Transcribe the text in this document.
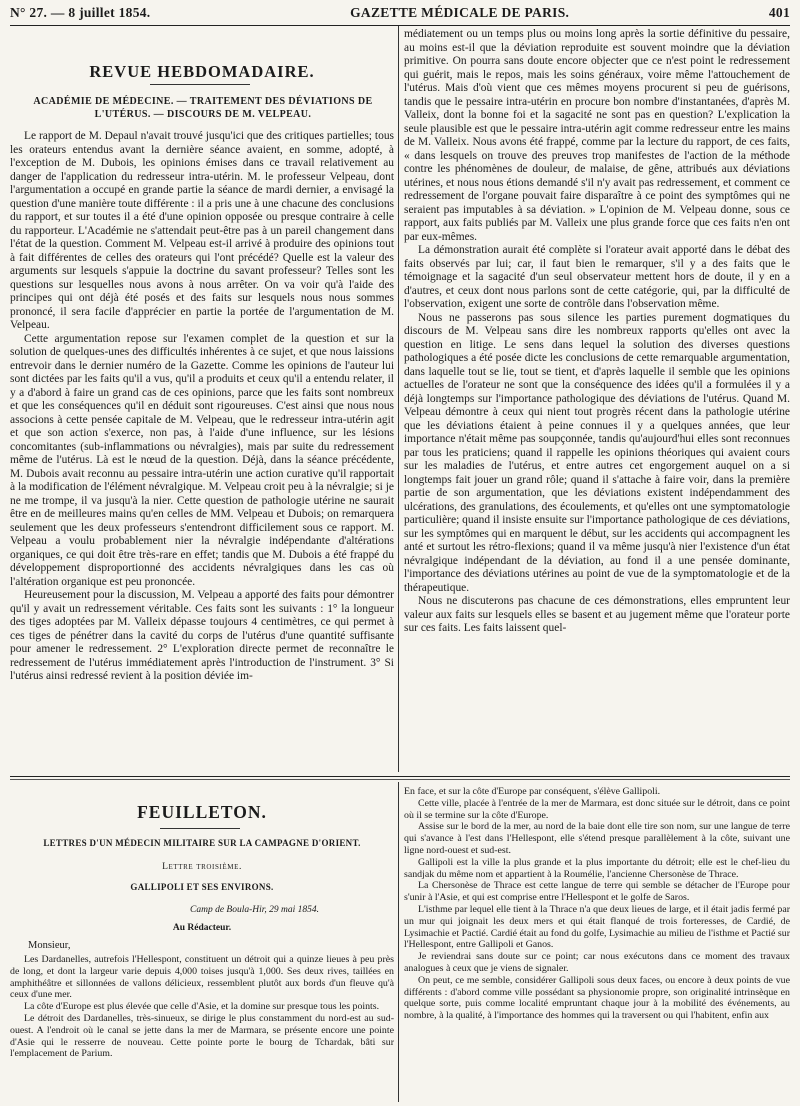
N° 27. — 8 juillet 1854.	GAZETTE MÉDICALE DE PARIS.	401
REVUE HEBDOMADAIRE.
ACADÉMIE DE MÉDECINE. — TRAITEMENT DES DÉVIATIONS DE L'UTÉRUS. — DISCOURS DE M. VELPEAU.

Le rapport de M. Depaul n'avait trouvé jusqu'ici que des critiques partielles; tous les orateurs entendus avant la dernière séance avaient, en somme, adopté, à l'exception de M. Dubois, les opinions émises dans ce travail relativement au danger de l'application du redresseur intra-utérin. M. le professeur Velpeau, dont l'argumentation a occupé en grande partie la séance de mardi dernier, a envisagé la question d'une manière toute différente : il a pris une à une chacune des conclusions du rapport, et sur toutes il a été d'une opinion opposée ou presque contraire à celle du rapporteur. L'Académie ne s'attendait peut-être pas à un pareil changement dans l'état de la question. Comment M. Velpeau est-il arrivé à produire des opinions tout à fait différentes de celles des orateurs qui l'ont précédé? Quelle est la valeur des arguments sur lesquels s'appuie la doctrine du savant professeur? Telles sont les questions sur lesquelles nous avons à nous arrêter. On va voir qu'à l'aide des principes qui ont déjà été posés et des faits sur lesquels nous nous sommes prononcé, il sera facile d'apprécier en partie la portée de l'argumentation de M. Velpeau.

Cette argumentation repose sur l'examen complet de la question et sur la solution de quelques-unes des difficultés inhérentes à ce sujet, et que nous laissions entrevoir dans le dernier numéro de la Gazette. Comme les opinions de l'auteur lui sont dictées par les faits qu'il a vus, qu'il a produits et ceux qu'il a entendu relater, il y a d'abord à faire un grand cas de ces opinions, parce que les faits sont nombreux et que les conséquences qu'il en déduit sont rigoureuses. C'est ainsi que nous nous associons à cette pensée capitale de M. Velpeau, que le redresseur intra-utérin agit et que son action s'exerce, non pas, à l'aide d'une influence, sur les lésions concomitantes (sub-inflammations ou névralgies), mais par suite du redressement même de l'utérus. Là est le nœud de la question. Déjà, dans la séance précédente, M. Dubois avait reconnu au pessaire intra-utérin une action curative qu'il rapportait à la modification de l'élément névralgique. M. Velpeau croit peu à la névralgie; si je ne me trompe, il va jusqu'à la nier. Cette question de pathologie utérine ne saurait être en de meilleures mains qu'en celles de MM. Velpeau et Dubois; on remarquera seulement que les deux professeurs s'entendront difficilement sous ce rapport. M. Velpeau a voulu probablement nier la névralgie indépendante d'altérations organiques, ce qui doit être très-rare en effet; tandis que M. Dubois a été frappé du développement disproportionné des accidents névralgiques dans les cas où l'altération organique est peu prononcée.

Heureusement pour la discussion, M. Velpeau a apporté des faits pour démontrer qu'il y avait un redressement véritable. Ces faits sont les suivants : 1° la longueur des tiges adoptées par M. Valleix dépasse toujours 4 centimètres, ce qui permet à ces tiges de pénétrer dans la cavité du corps de l'utérus d'une quantité suffisante pour amener le redressement. 2° L'exploration directe permet de reconnaître le redressement de l'utérus immédiatement après l'introduction de l'instrument. 3° Si l'utérus ainsi redressé revient à la position déviée im-

médiatement ou un temps plus ou moins long après la sortie définitive du pessaire, au moins est-il que la déviation reproduite est souvent moindre que la déviation primitive. On pourra sans doute encore objecter que ce n'est point le redressement qui guérit, mais le repos, mais les soins généraux, voire même l'attouchement de l'utérus. Mais d'où vient que ces mêmes moyens procurent si peu de guérisons, tandis que le pessaire intra-utérin en procure bon nombre d'instantanées, d'après M. Valleix, dont la bonne foi et la sagacité ne sont pas en question? L'explication la seule plausible est que le pessaire intra-utérin agit comme redresseur entre les mains de M. Valleix. Nous avons été frappé, comme par la lecture du rapport, de ces faits, « dans lesquels on trouve des preuves trop manifestes de l'action de la méthode contre les phénomènes de douleur, de malaise, de gêne, attribués aux déviations utérines, et nous nous étions demandé s'il n'y avait pas redressement, et comment ce redressement de l'organe pouvait faire disparaître à ce point des symptômes qui ne seraient pas imputables à sa déviation. » L'opinion de M. Velpeau donne, sous ce rapport, aux faits publiés par M. Valleix une plus grande force que ces faits n'en ont par eux-mêmes.

La démonstration aurait été complète si l'orateur avait apporté dans le débat des faits observés par lui; car, il faut bien le remarquer, s'il y a des faits que le témoignage et la sagacité d'un seul observateur mettent hors de doute, il y en a d'autres, et ceux dont nous parlons sont de cette catégorie, qui, par la difficulté de l'observation, exigent une sorte de contrôle dans l'observation même.

Nous ne passerons pas sous silence les parties purement dogmatiques du discours de M. Velpeau sans dire les nombreux rapports qu'elles ont avec la question en litige. Le sens dans lequel la solution des diverses questions pathologiques a été posée dicte les conclusions de cette remarquable argumentation, dans laquelle tout se lie, tout se tient, et d'après laquelle il semble que les opinions actuelles de l'orateur ne sont que la conséquence des idées qu'il a formulées il y a déjà longtemps sur l'importance pathologique des déviations de l'utérus. Quand M. Velpeau démontre à ceux qui nient tout progrès récent dans la pathologie utérine que les déviations étaient à peine connues il y a quelques années, que leur importance n'était même pas soupçonnée, tandis qu'aujourd'hui elles sont reconnues par tous les praticiens; quand il rappelle les opinions théoriques qui avaient cours sur les maladies de l'utérus, et entre autres cet engorgement auquel on a si longtemps fait jouer un grand rôle; quand il s'attache à faire voir, dans la première partie de son argumentation, que les déviations existent indépendamment des ulcérations, des granulations, des écoulements, et qu'elles ont une symptomatologie particulière; quand il insiste ensuite sur l'importance pathologique de ces déviations, sur les symptômes qui en marquent le début, sur les accidents qui accompagnent les anté et surtout les rétro-flexions; quand il va même jusqu'à nier l'existence d'un état névralgique indépendant de la déviation, au fond il a une pensée dominante, l'importance des déviations utérines au point de vue de la symptomatologie et de la thérapeutique.

Nous ne discuterons pas chacune de ces démonstrations, elles empruntent leur valeur aux faits sur lesquels elles se basent et au jugement même que l'orateur porte sur ces faits. Les faits laissent quel-

FEUILLETON.
LETTRES D'UN MÉDECIN MILITAIRE SUR LA CAMPAGNE D'ORIENT.
Lettre troisième.
GALLIPOLI ET SES ENVIRONS.
Camp de Boula-Hir, 29 mai 1854.
Au Rédacteur.
Monsieur,

Les Dardanelles, autrefois l'Hellespont, constituent un détroit qui a quinze lieues à peu près de long, et dont la largeur varie depuis 4,000 toises jusqu'à 1,000. Ses deux rives, taillées en amphithéâtre et sillonnées de vallons délicieux, ressemblent plutôt aux bords d'un fleuve qu'à ceux d'une mer.

La côte d'Europe est plus élevée que celle d'Asie, et la domine sur presque tous les points.

Le détroit des Dardanelles, très-sinueux, se dirige le plus constamment du nord-est au sud-ouest. A l'endroit où le canal se jette dans la mer de Marmara, se présente encore une pointe d'Asie qui le resserre de nouveau. Cette pointe porte le bourg de Tchardak, bâti sur l'emplacement de Parium.

En face, et sur la côte d'Europe par conséquent, s'élève Gallipoli.

Cette ville, placée à l'entrée de la mer de Marmara, est donc située sur le détroit, dans ce point où il se termine sur la côte d'Europe.

Assise sur le bord de la mer, au nord de la baie dont elle tire son nom, sur une langue de terre qui s'avance à l'est dans l'Hellespont, elle s'étend presque parallèlement à la côte, suivant une ligne nord-ouest et sud-est.

Gallipoli est la ville la plus grande et la plus importante du détroit; elle est le chef-lieu du sandjak du même nom et appartient à la Roumélie, l'ancienne Chersonèse de Thrace.

La Chersonèse de Thrace est cette langue de terre qui semble se détacher de l'Europe pour s'unir à l'Asie, et qui est comprise entre l'Hellespont et le golfe de Saros.

L'isthme par lequel elle tient à la Thrace n'a que deux lieues de large, et il était jadis fermé par un mur qui joignait les deux mers et qui était flanqué de trois forteresses, de Cardié, de Lysimachie et Pactié. Cardié était au fond du golfe, Lysimachie au milieu de l'isthme et Pactié sur l'Hellespont, entre Gallipoli et Ganos.

Je reviendrai sans doute sur ce point; car nous exécutons dans ce moment des travaux analogues à ceux que je viens de signaler.

On peut, ce me semble, considérer Gallipoli sous deux faces, ou encore à deux points de vue différents : d'abord comme ville possédant sa physionomie propre, son originalité intrinsèque en quelque sorte, puis comme localité empruntant chaque jour à la mobilité des événements, au nombre, à la qualité, à l'importance des hommes qui la traversent ou qui l'habitent, enfin aux
